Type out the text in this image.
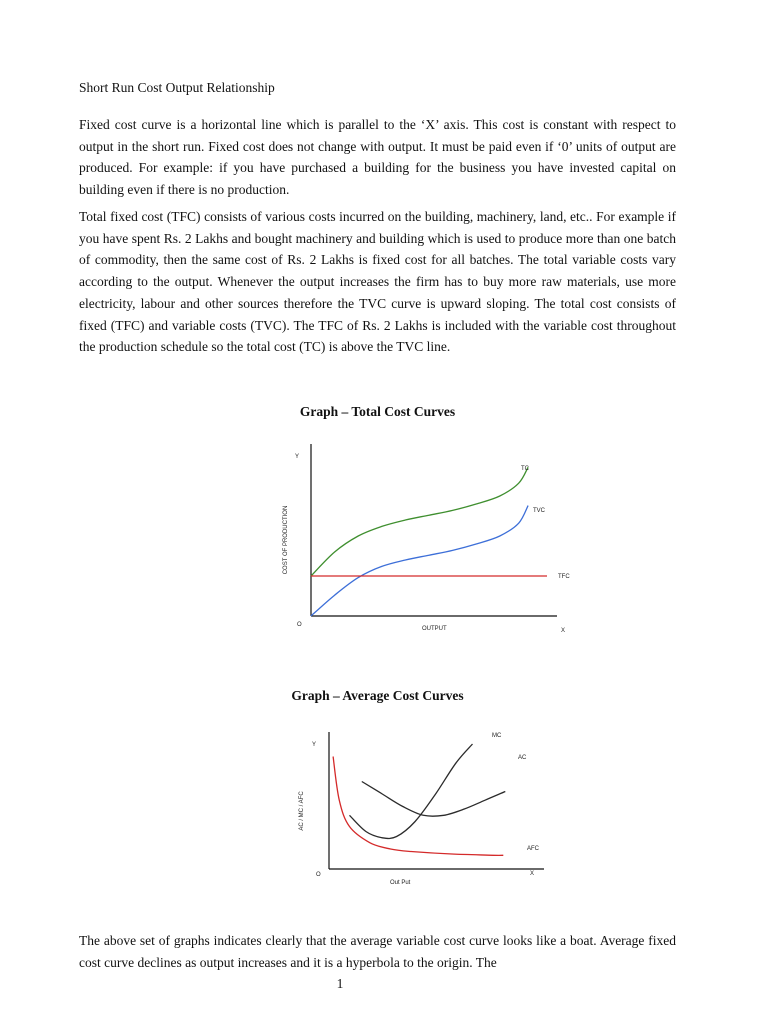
Short Run Cost Output Relationship

Fixed cost curve is a horizontal line which is parallel to the ‘X’ axis. This cost is constant with respect to output in the short run. Fixed cost does not change with output. It must be paid even if ‘0’ units of output are produced. For example: if you have purchased a building for the business you have invested capital on building even if there is no production.

Total fixed cost (TFC) consists of various costs incurred on the building, machinery, land, etc.. For example if you have spent Rs. 2 Lakhs and bought machinery and building which is used to produce more than one batch of commodity, then the same cost of Rs. 2 Lakhs is fixed cost for all batches. The total variable costs vary according to the output. Whenever the output increases the firm has to buy more raw materials, use more electricity, labour and other sources therefore the TVC curve is upward sloping. The total cost consists of fixed (TFC) and variable costs (TVC). The TFC of Rs. 2 Lakhs is included with the variable cost throughout the production schedule so the total cost (TC) is above the TVC line.

Graph – Total Cost Curves

Y
X
O
OUTPUT
COST OF PRODUCTION
TC
TVC
TFC

Graph – Average Cost Curves

Y
X
O
Out Put
AC / MC / AFC
MC
AC
AFC

The above set of graphs indicates clearly that the average variable cost curve looks like a boat. Average fixed cost curve declines as output increases and it is a hyperbola to the origin. The

1
